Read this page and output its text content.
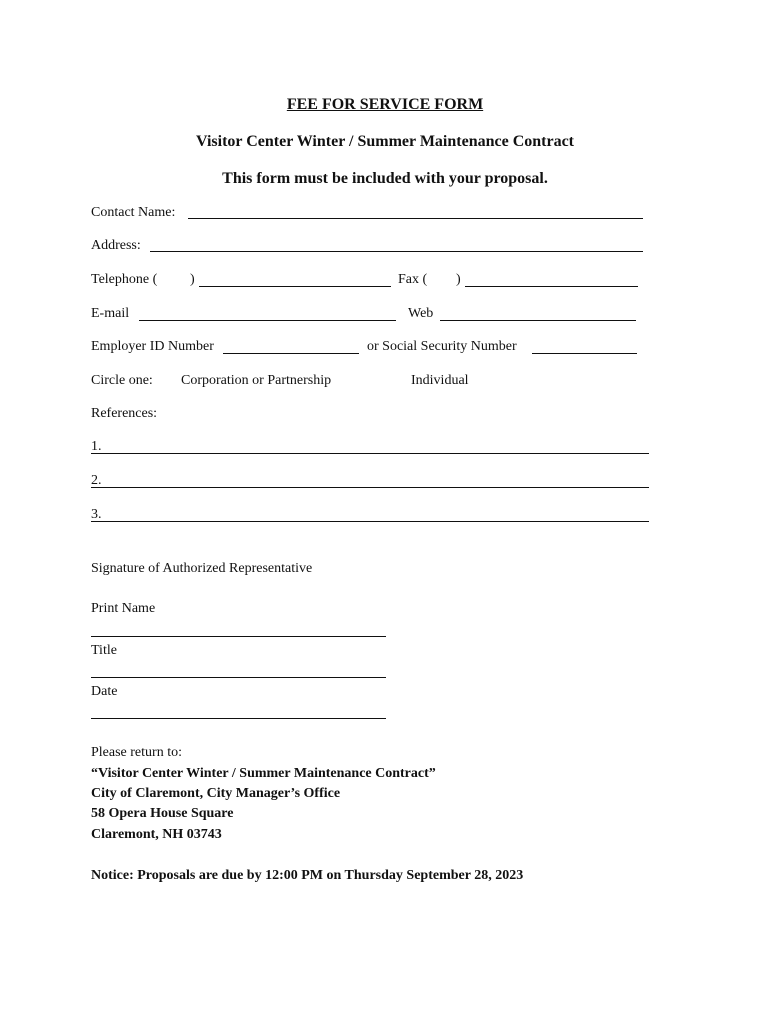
FEE FOR SERVICE FORM
Visitor Center Winter / Summer Maintenance Contract
This form must be included with your proposal.
Contact Name:
Address:
Telephone ( )	Fax ( )
E-mail	Web
Employer ID Number	or Social Security Number
Circle one: Corporation or Partnership	Individual
References:
1.
2.
3.
Signature of Authorized Representative
Print Name
Title
Date
Please return to:
“Visitor Center Winter / Summer Maintenance Contract”
City of Claremont, City Manager’s Office
58 Opera House Square
Claremont, NH 03743
Notice: Proposals are due by 12:00 PM on Thursday September 28, 2023
